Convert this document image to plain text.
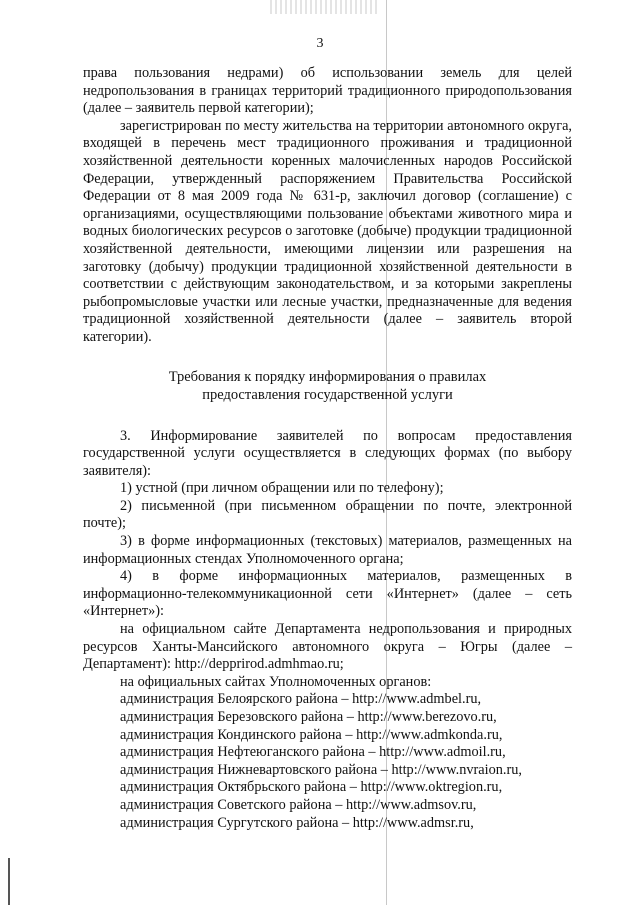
3

права пользования недрами) об использовании земель для целей недропользования в границах территорий традиционного природопользования (далее – заявитель первой категории);

зарегистрирован по месту жительства на территории автономного округа, входящей в перечень мест традиционного проживания и традиционной хозяйственной деятельности коренных малочисленных народов Российской Федерации, утвержденный распоряжением Правительства Российской Федерации от 8 мая 2009 года № 631-р, заключил договор (соглашение) с организациями, осуществляющими пользование объектами животного мира и водных биологических ресурсов о заготовке (добыче) продукции традиционной хозяйственной деятельности, имеющими лицензии или разрешения на заготовку (добычу) продукции традиционной хозяйственной деятельности в соответствии с действующим законодательством, и за которыми закреплены рыбопромысловые участки или лесные участки, предназначенные для ведения традиционной хозяйственной деятельности (далее – заявитель второй категории).

Требования к порядку информирования о правилах
предоставления государственной услуги

3. Информирование заявителей по вопросам предоставления государственной услуги осуществляется в следующих формах (по выбору заявителя):

1) устной (при личном обращении или по телефону);

2) письменной (при письменном обращении по почте, электронной почте);

3) в форме информационных (текстовых) материалов, размещенных на информационных стендах Уполномоченного органа;

4) в форме информационных материалов, размещенных в информационно-телекоммуникационной сети «Интернет» (далее – сеть «Интернет»):

на официальном сайте Департамента недропользования и природных ресурсов Ханты-Мансийского автономного округа – Югры (далее – Департамент): http://depprirod.admhmao.ru;

на официальных сайтах Уполномоченных органов:

администрация Белоярского района – http://www.admbel.ru,

администрация Березовского района – http://www.berezovo.ru,

администрация Кондинского района – http://www.admkonda.ru,

администрация Нефтеюганского района – http://www.admoil.ru,

администрация Нижневартовского района – http://www.nvraion.ru,

администрация Октябрьского района – http://www.oktregion.ru,

администрация Советского района – http://www.admsov.ru,

администрация Сургутского района – http://www.admsr.ru,
